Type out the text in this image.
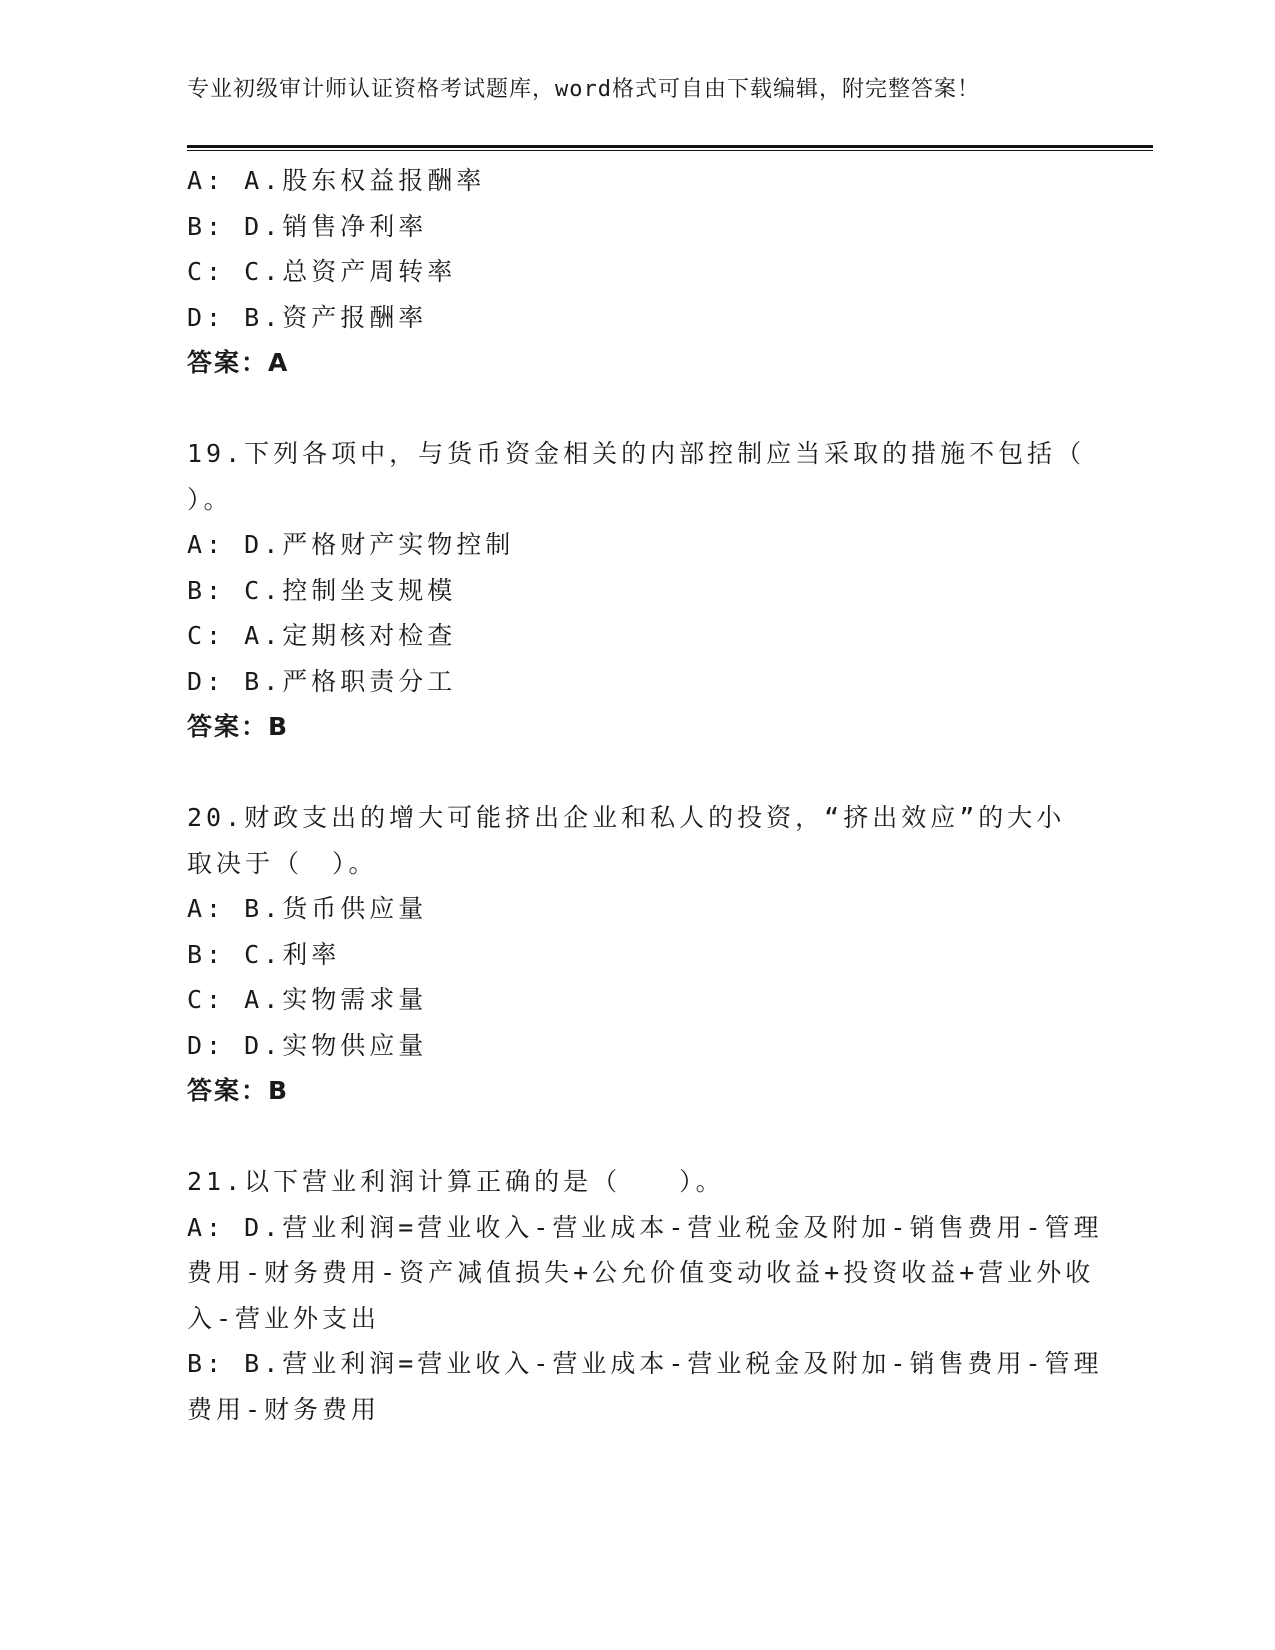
专业初级审计师认证资格考试题库，word格式可自由下载编辑，附完整答案！
A: A.股东权益报酬率
B: D.销售净利率
C: C.总资产周转率
D: B.资产报酬率
答案：A
19.下列各项中，与货币资金相关的内部控制应当采取的措施不包括（
）。
A: D.严格财产实物控制
B: C.控制坐支规模
C: A.定期核对检查
D: B.严格职责分工
答案：B
20.财政支出的增大可能挤出企业和私人的投资，“挤出效应”的大小
取决于（　）。
A: B.货币供应量
B: C.利率
C: A.实物需求量
D: D.实物供应量
答案：B
21.以下营业利润计算正确的是（　　）。
A: D.营业利润=营业收入-营业成本-营业税金及附加-销售费用-管理
费用-财务费用-资产减值损失+公允价值变动收益+投资收益+营业外收
入-营业外支出
B: B.营业利润=营业收入-营业成本-营业税金及附加-销售费用-管理
费用-财务费用
